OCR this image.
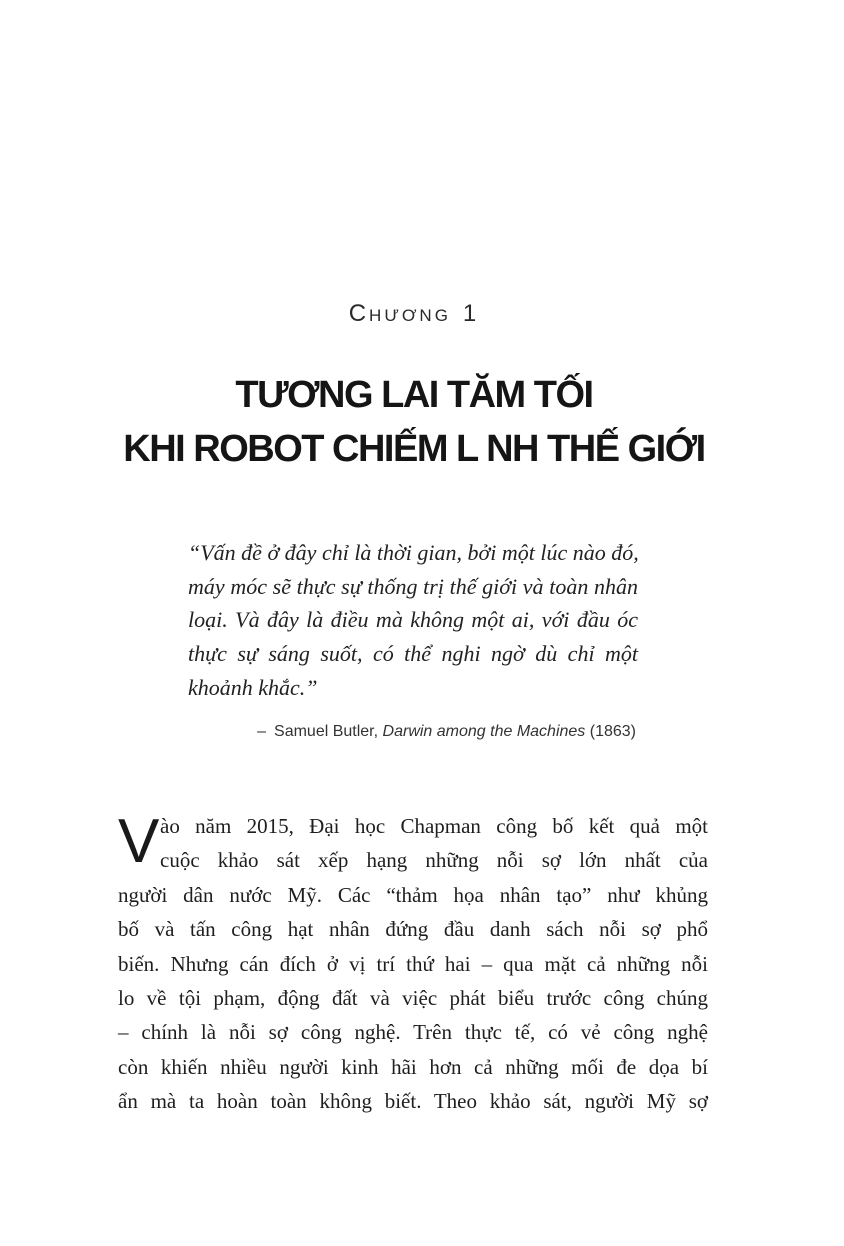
Chương 1
TƯƠNG LAI TĂM TỐI
KHI ROBOT CHIẾM L NH THẾ GIỚI
“Vấn đề ở đây chỉ là thời gian, bởi một lúc nào đó,
máy móc sẽ thực sự thống trị thế giới và toàn nhân
loại. Và đây là điều mà không một ai, với đầu óc
thực sự sáng suốt, có thể nghi ngờ dù chỉ một
khoảnh khắc.”
– Samuel Butler, Darwin among the Machines (1863)
V ào năm 2015, Đại học Chapman công bố kết quả một
cuộc khảo sát xếp hạng những nỗi sợ lớn nhất của
người dân nước Mỹ. Các “thảm họa nhân tạo” như khủng
bố và tấn công hạt nhân đứng đầu danh sách nỗi sợ phổ
biến. Nhưng cán đích ở vị trí thứ hai – qua mặt cả những nỗi
lo về tội phạm, động đất và việc phát biểu trước công chúng
– chính là nỗi sợ công nghệ. Trên thực tế, có vẻ công nghệ
còn khiến nhiều người kinh hãi hơn cả những mối đe dọa bí
ẩn mà ta hoàn toàn không biết. Theo khảo sát, người Mỹ sợ
